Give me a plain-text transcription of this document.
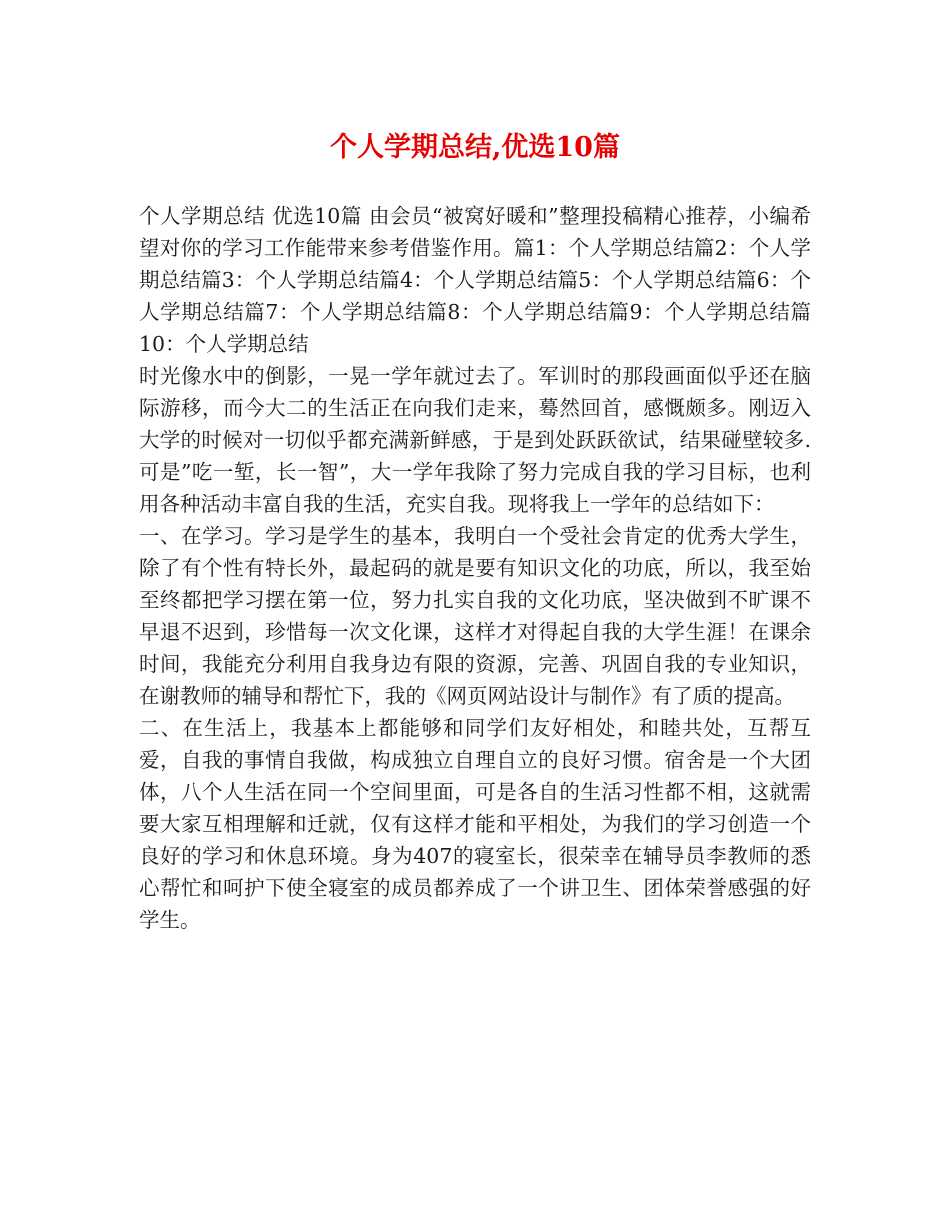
个人学期总结,优选10篇

个人学期总结 优选10篇 由会员“被窝好暖和”整理投稿精心推荐，小编希望对你的学习工作能带来参考借鉴作用。篇1：个人学期总结篇2：个人学期总结篇3：个人学期总结篇4：个人学期总结篇5：个人学期总结篇6：个人学期总结篇7：个人学期总结篇8：个人学期总结篇9：个人学期总结篇10：个人学期总结

时光像水中的倒影，一晃一学年就过去了。军训时的那段画面似乎还在脑际游移，而今大二的生活正在向我们走来，蓦然回首，感慨颇多。刚迈入大学的时候对一切似乎都充满新鲜感，于是到处跃跃欲试，结果碰壁较多.可是”吃一堑，长一智”，大一学年我除了努力完成自我的学习目标，也利用各种活动丰富自我的生活，充实自我。现将我上一学年的总结如下：

一、在学习。学习是学生的基本，我明白一个受社会肯定的优秀大学生，除了有个性有特长外，最起码的就是要有知识文化的功底，所以，我至始至终都把学习摆在第一位，努力扎实自我的文化功底，坚决做到不旷课不早退不迟到，珍惜每一次文化课，这样才对得起自我的大学生涯！在课余时间，我能充分利用自我身边有限的资源，完善、巩固自我的专业知识，在谢教师的辅导和帮忙下，我的《网页网站设计与制作》有了质的提高。

二、在生活上，我基本上都能够和同学们友好相处，和睦共处，互帮互爱，自我的事情自我做，构成独立自理自立的良好习惯。宿舍是一个大团体，八个人生活在同一个空间里面，可是各自的生活习性都不相，这就需要大家互相理解和迁就，仅有这样才能和平相处，为我们的学习创造一个良好的学习和休息环境。身为407的寝室长，很荣幸在辅导员李教师的悉心帮忙和呵护下使全寝室的成员都养成了一个讲卫生、团体荣誉感强的好学生。
